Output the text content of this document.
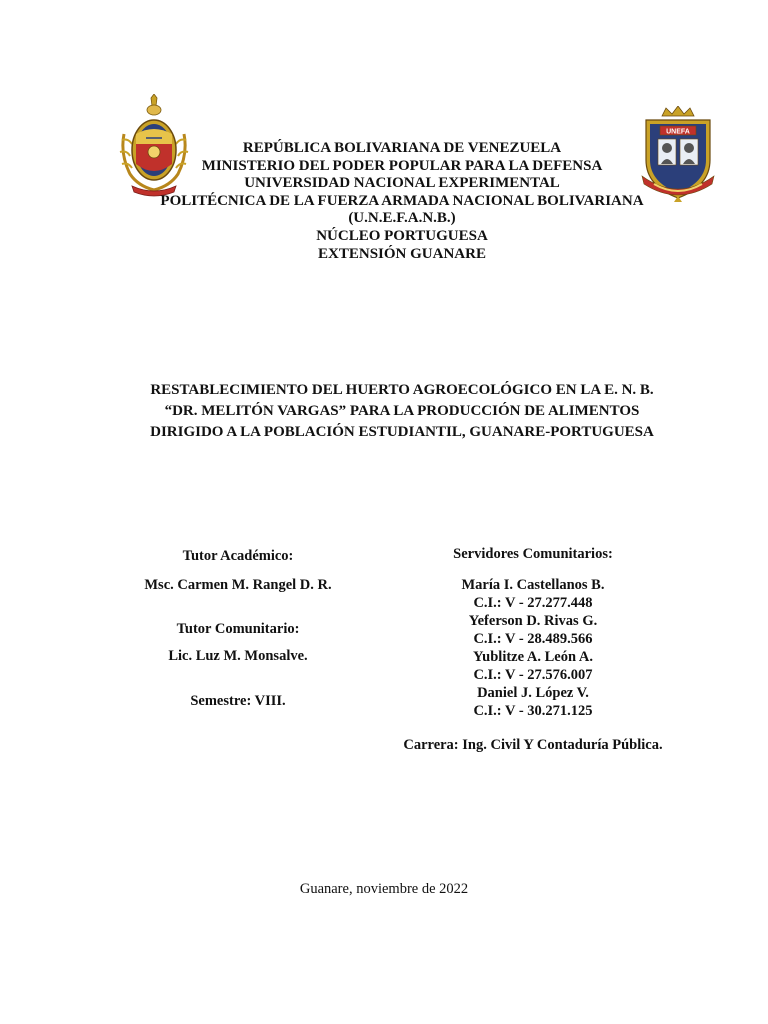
UNEFA
REPÚBLICA BOLIVARIANA DE VENEZUELA
MINISTERIO DEL PODER POPULAR PARA LA DEFENSA
UNIVERSIDAD NACIONAL EXPERIMENTAL
POLITÉCNICA DE LA FUERZA ARMADA NACIONAL BOLIVARIANA
(U.N.E.F.A.N.B.)
NÚCLEO PORTUGUESA
EXTENSIÓN GUANARE
RESTABLECIMIENTO DEL HUERTO AGROECOLÓGICO EN LA E. N. B.
“DR. MELITÓN VARGAS” PARA LA PRODUCCIÓN DE ALIMENTOS
DIRIGIDO A LA POBLACIÓN ESTUDIANTIL, GUANARE-PORTUGUESA
Tutor Académico:
Msc. Carmen M. Rangel D. R.
Tutor Comunitario:
Lic. Luz M. Monsalve.
Semestre: VIII.
Servidores Comunitarios:
María I. Castellanos B.
C.I.: V - 27.277.448
Yeferson D. Rivas G.
C.I.: V - 28.489.566
Yublitze A. León A.
C.I.: V - 27.576.007
Daniel J. López V.
C.I.: V - 30.271.125
Carrera: Ing. Civil Y Contaduría Pública.
Guanare, noviembre de 2022
